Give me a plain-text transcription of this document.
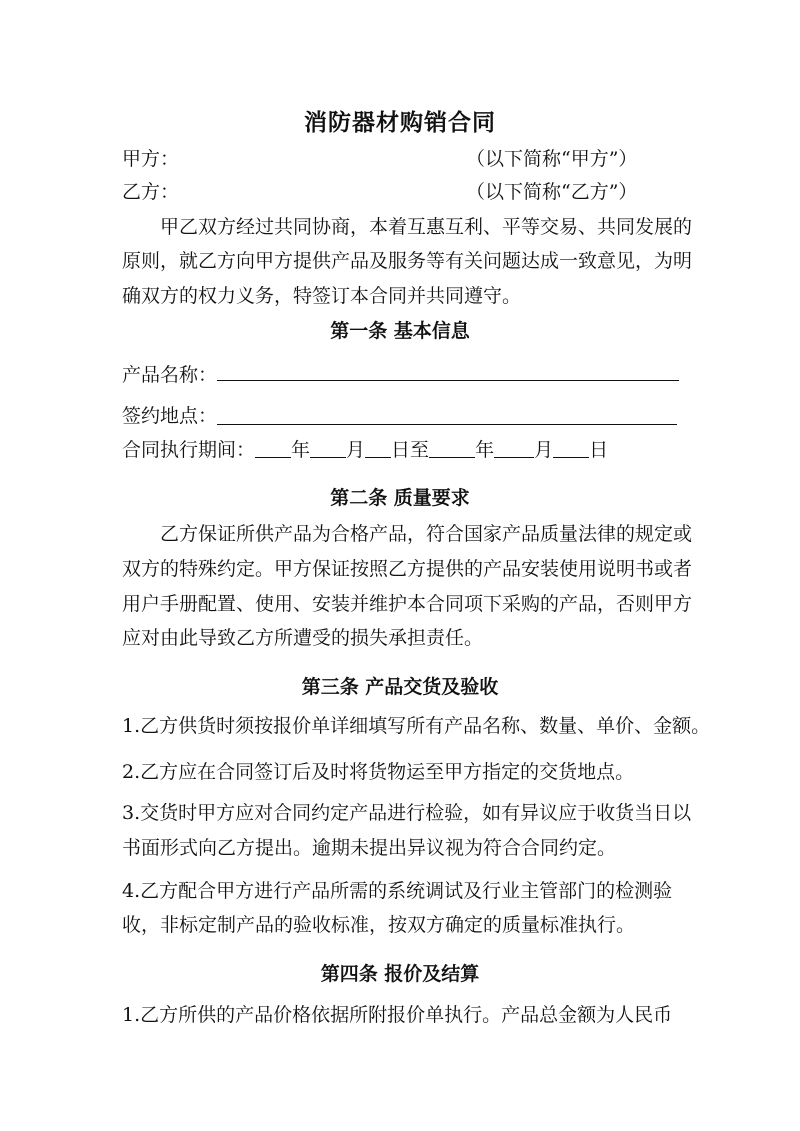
消防器材购销合同
甲方：	（以下简称“甲方”）
乙方：	（以下简称“乙方”）
甲乙双方经过共同协商，本着互惠互利、平等交易、共同发展的
原则，就乙方向甲方提供产品及服务等有关问题达成一致意见，为明
确双方的权力义务，特签订本合同并共同遵守。
第一条 基本信息
产品名称：
签约地点：
合同执行期间： 年 月 日至 年 月 日
第二条 质量要求
乙方保证所供产品为合格产品，符合国家产品质量法律的规定或
双方的特殊约定。甲方保证按照乙方提供的产品安装使用说明书或者
用户手册配置、使用、安装并维护本合同项下采购的产品，否则甲方
应对由此导致乙方所遭受的损失承担责任。
第三条 产品交货及验收
1.乙方供货时须按报价单详细填写所有产品名称、数量、单价、金额。
2.乙方应在合同签订后及时将货物运至甲方指定的交货地点。
3.交货时甲方应对合同约定产品进行检验，如有异议应于收货当日以
书面形式向乙方提出。逾期未提出异议视为符合合同约定。
4.乙方配合甲方进行产品所需的系统调试及行业主管部门的检测验
收，非标定制产品的验收标准，按双方确定的质量标准执行。
第四条 报价及结算
1.乙方所供的产品价格依据所附报价单执行。产品总金额为人民币
